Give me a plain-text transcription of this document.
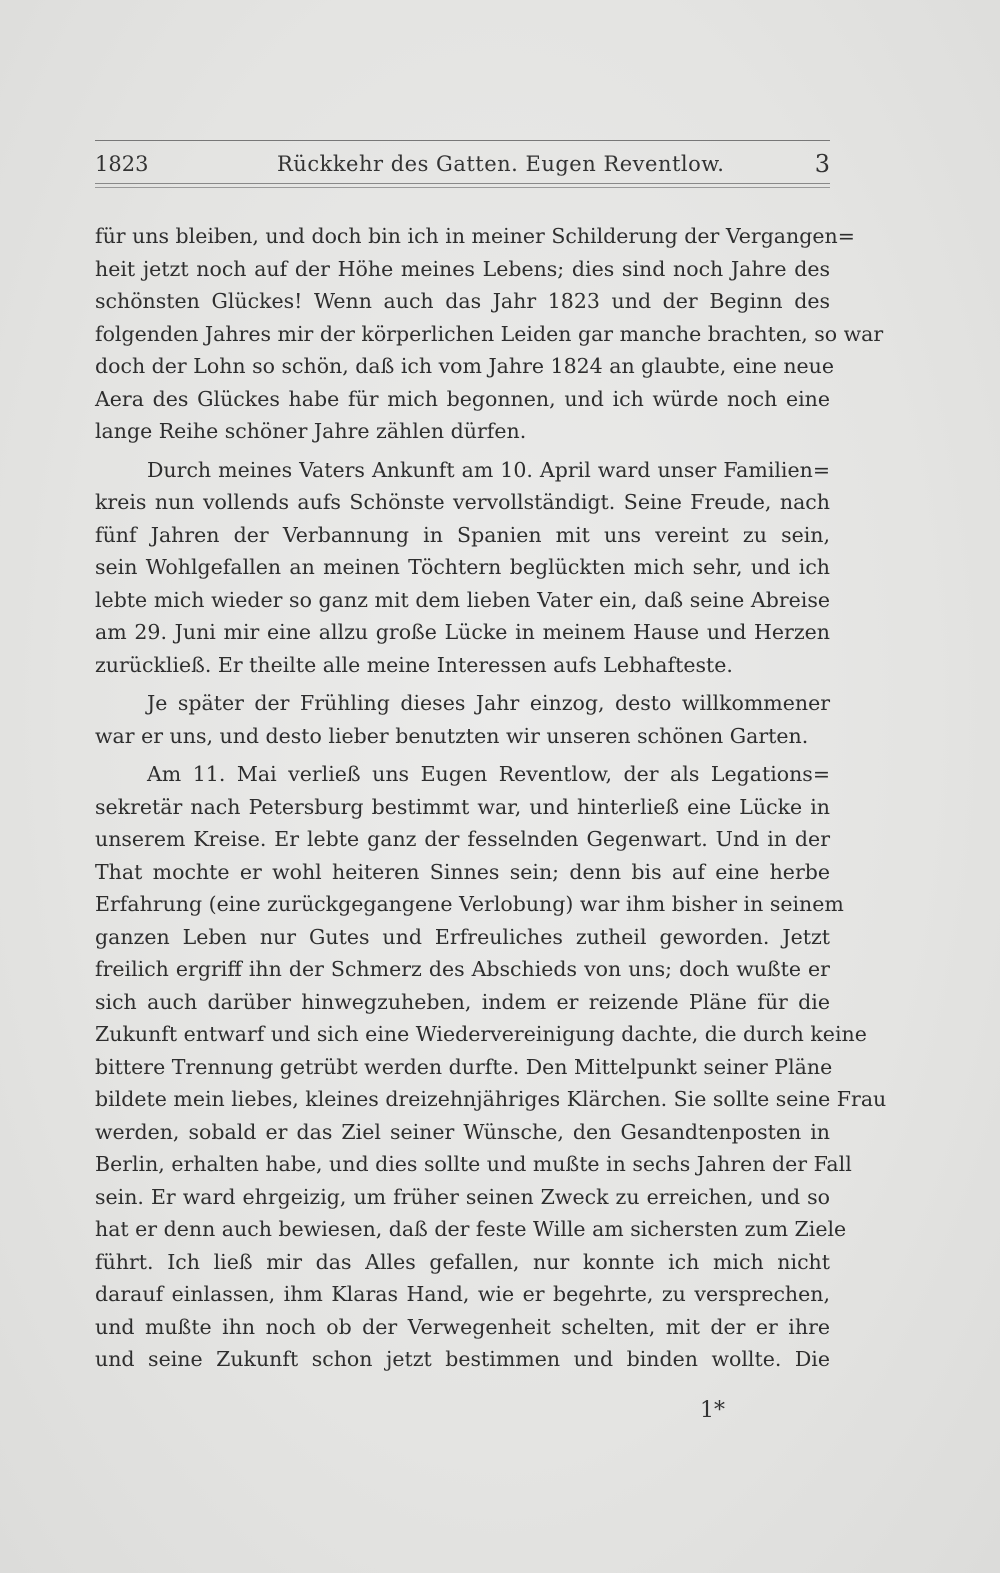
1823	Rückkehr des Gatten. Eugen Reventlow.	3
für uns bleiben, und doch bin ich in meiner Schilderung der Vergangen=
heit jetzt noch auf der Höhe meines Lebens; dies sind noch Jahre des
schönsten Glückes! Wenn auch das Jahr 1823 und der Beginn des
folgenden Jahres mir der körperlichen Leiden gar manche brachten, so war
doch der Lohn so schön, daß ich vom Jahre 1824 an glaubte, eine neue
Aera des Glückes habe für mich begonnen, und ich würde noch eine
lange Reihe schöner Jahre zählen dürfen.
Durch meines Vaters Ankunft am 10. April ward unser Familien=
kreis nun vollends aufs Schönste vervollständigt. Seine Freude, nach
fünf Jahren der Verbannung in Spanien mit uns vereint zu sein,
sein Wohlgefallen an meinen Töchtern beglückten mich sehr, und ich
lebte mich wieder so ganz mit dem lieben Vater ein, daß seine Abreise
am 29. Juni mir eine allzu große Lücke in meinem Hause und Herzen
zurückließ. Er theilte alle meine Interessen aufs Lebhafteste.
Je später der Frühling dieses Jahr einzog, desto willkommener
war er uns, und desto lieber benutzten wir unseren schönen Garten.
Am 11. Mai verließ uns Eugen Reventlow, der als Legations=
sekretär nach Petersburg bestimmt war, und hinterließ eine Lücke in
unserem Kreise. Er lebte ganz der fesselnden Gegenwart. Und in der
That mochte er wohl heiteren Sinnes sein; denn bis auf eine herbe
Erfahrung (eine zurückgegangene Verlobung) war ihm bisher in seinem
ganzen Leben nur Gutes und Erfreuliches zutheil geworden. Jetzt
freilich ergriff ihn der Schmerz des Abschieds von uns; doch wußte er
sich auch darüber hinwegzuheben, indem er reizende Pläne für die
Zukunft entwarf und sich eine Wiedervereinigung dachte, die durch keine
bittere Trennung getrübt werden durfte. Den Mittelpunkt seiner Pläne
bildete mein liebes, kleines dreizehnjähriges Klärchen. Sie sollte seine Frau
werden, sobald er das Ziel seiner Wünsche, den Gesandtenposten in
Berlin, erhalten habe, und dies sollte und mußte in sechs Jahren der Fall
sein. Er ward ehrgeizig, um früher seinen Zweck zu erreichen, und so
hat er denn auch bewiesen, daß der feste Wille am sichersten zum Ziele
führt. Ich ließ mir das Alles gefallen, nur konnte ich mich nicht
darauf einlassen, ihm Klaras Hand, wie er begehrte, zu versprechen,
und mußte ihn noch ob der Verwegenheit schelten, mit der er ihre
und seine Zukunft schon jetzt bestimmen und binden wollte. Die
1*
